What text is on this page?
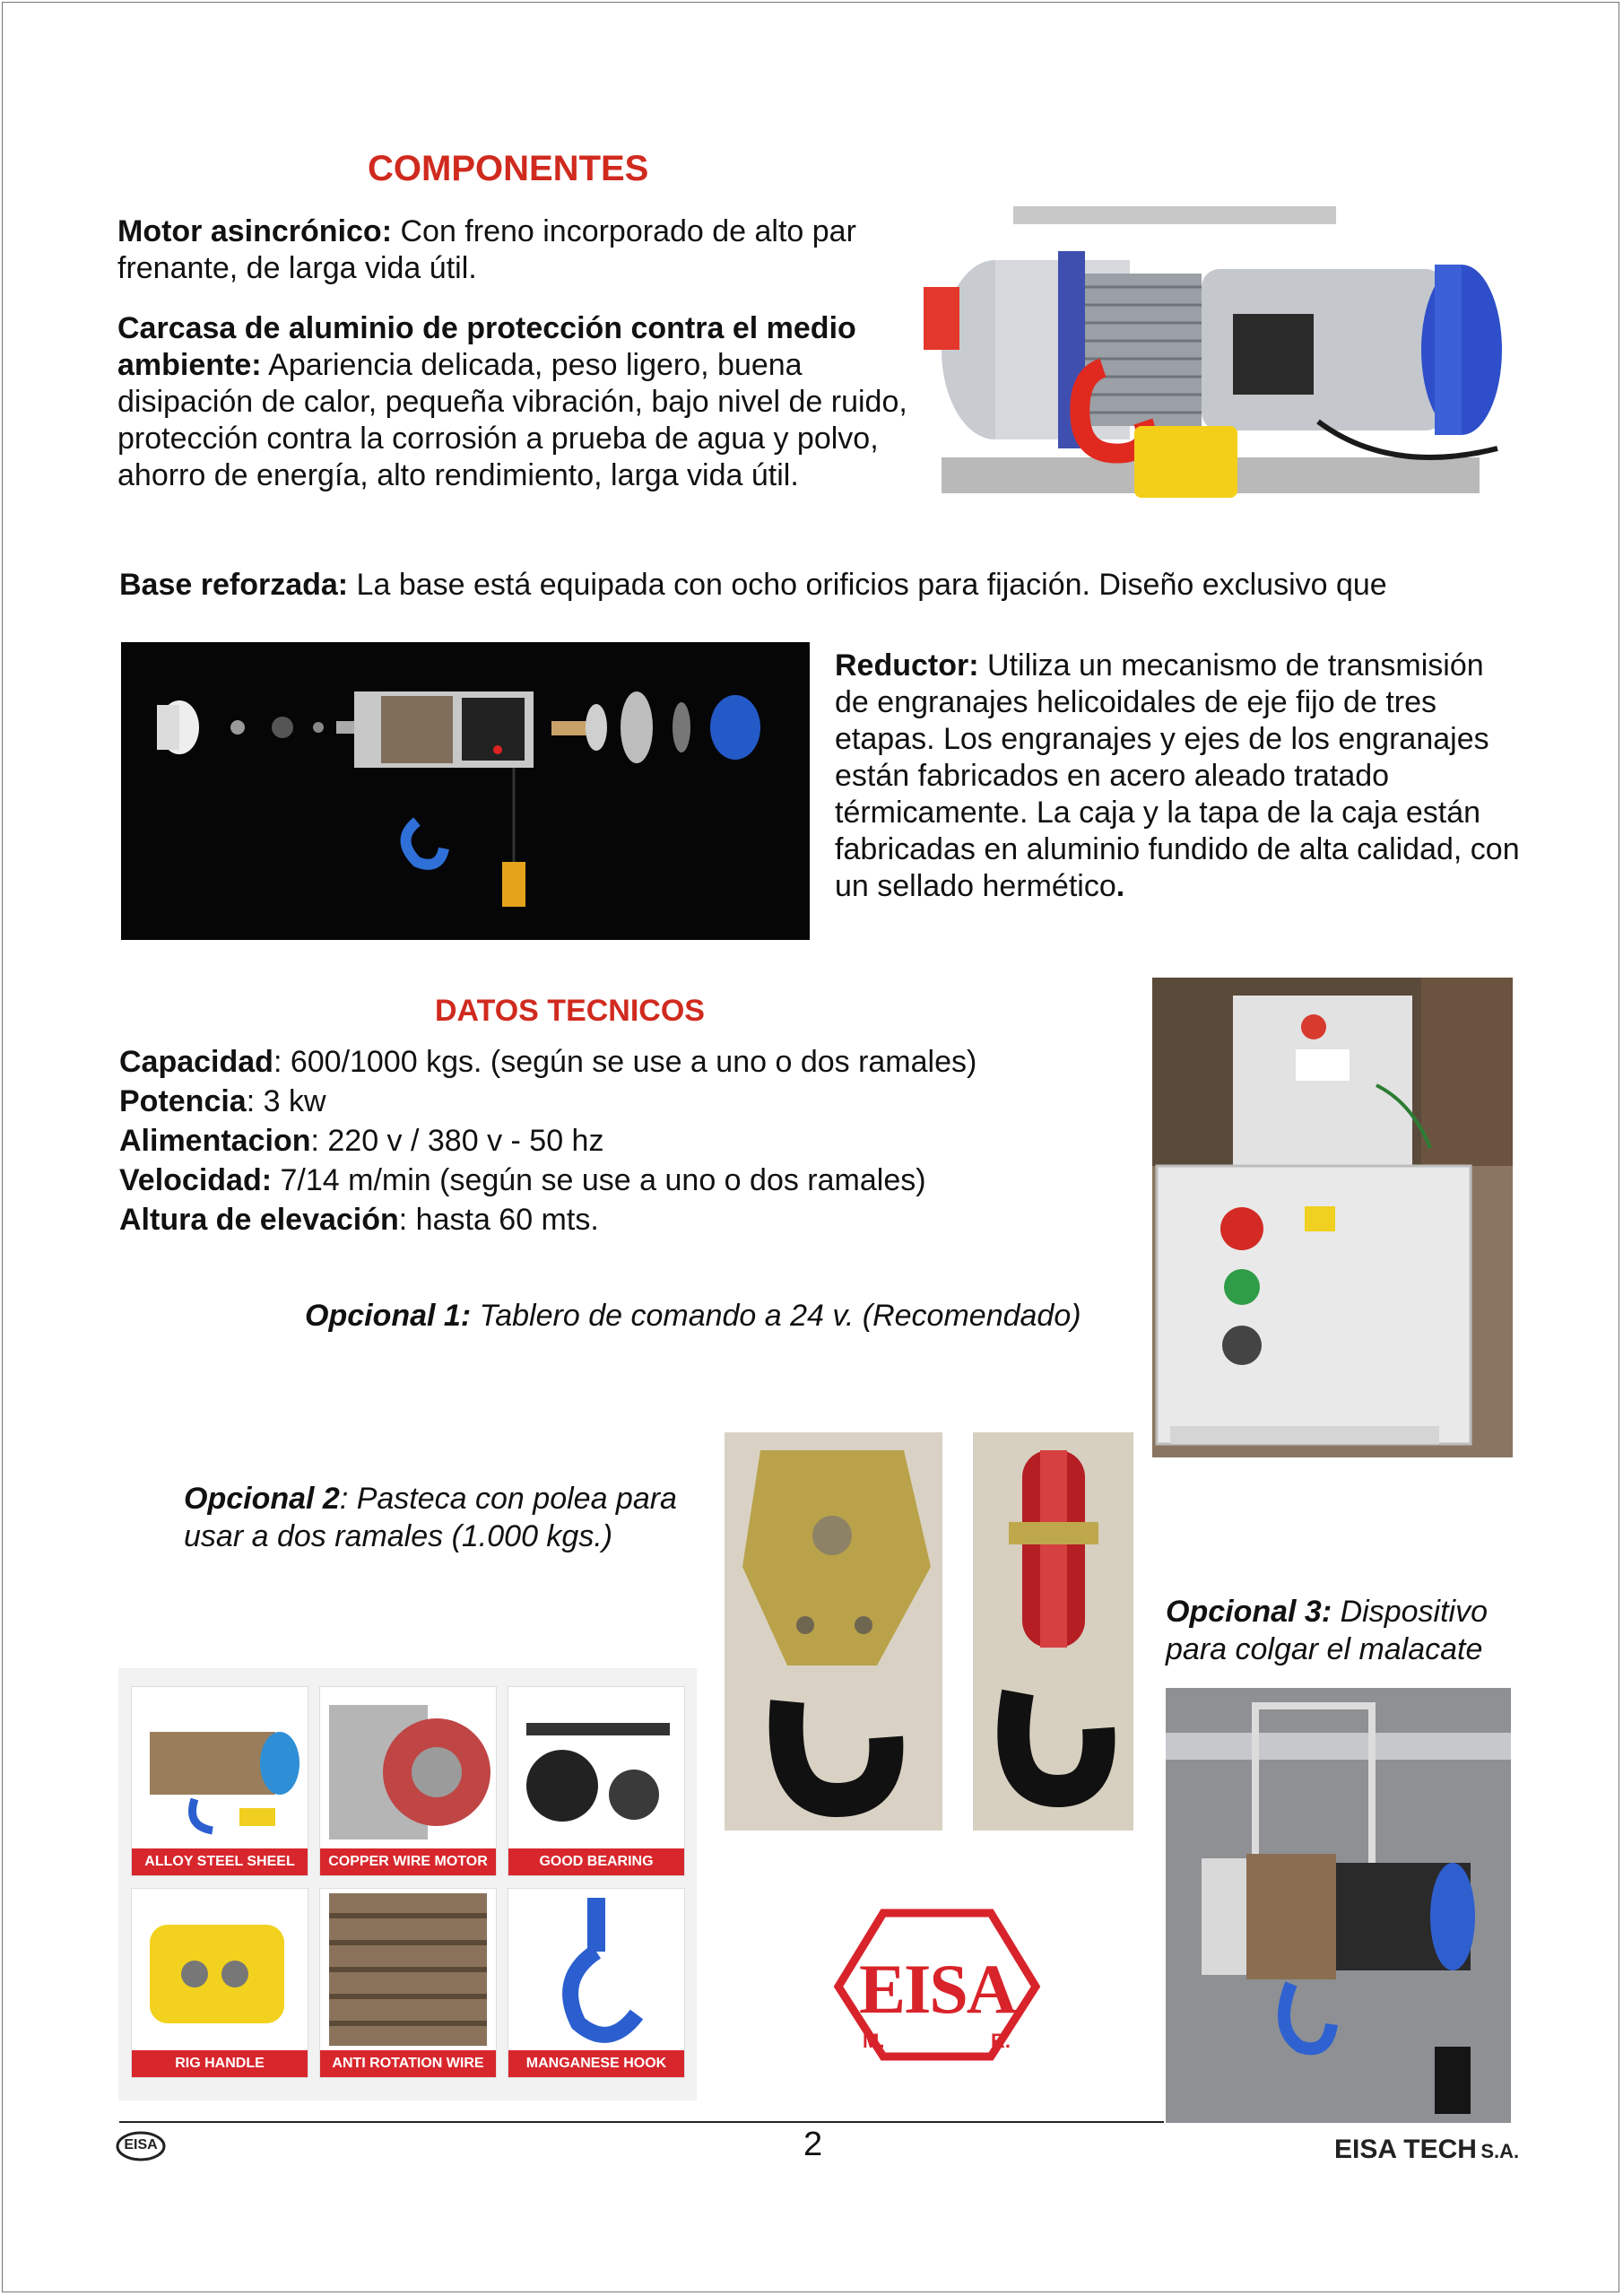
COMPONENTES
Motor asincrónico: Con freno incorporado de alto par frenante, de larga vida útil.
Carcasa de aluminio de protección contra el medio ambiente: Apariencia delicada, peso ligero, buena disipación de calor, pequeña vibración, bajo nivel de ruido, protección contra la corrosión a prueba de agua y polvo, ahorro de energía, alto rendimiento, larga vida útil.
Base reforzada: La base está equipada con ocho orificios para fijación. Diseño exclusivo que
Reductor: Utiliza un mecanismo de transmisión de engranajes helicoidales de eje fijo de tres etapas. Los engranajes y ejes de los engranajes están fabricados en acero aleado tratado térmicamente. La caja y la tapa de la caja están fabricadas en aluminio fundido de alta calidad, con un sellado hermético.
DATOS TECNICOS
Capacidad: 600/1000 kgs. (según se use a uno o dos ramales)
Potencia: 3 kw
Alimentacion: 220 v / 380 v - 50 hz
Velocidad: 7/14 m/min (según se use a uno o dos ramales)
Altura de elevación: hasta 60 mts.
Opcional 1: Tablero de comando a 24 v. (Recomendado)
Opcional 2: Pasteca con polea para usar a dos ramales (1.000 kgs.)
Opcional 3: Dispositivo para colgar el malacate
ALLOY STEEL SHEEL	COPPER WIRE MOTOR	GOOD BEARING
RIG HANDLE	ANTI ROTATION WIRE	MANGANESE HOOK
EISA
M.	R.
EISA	2	EISA TECH S.A.
